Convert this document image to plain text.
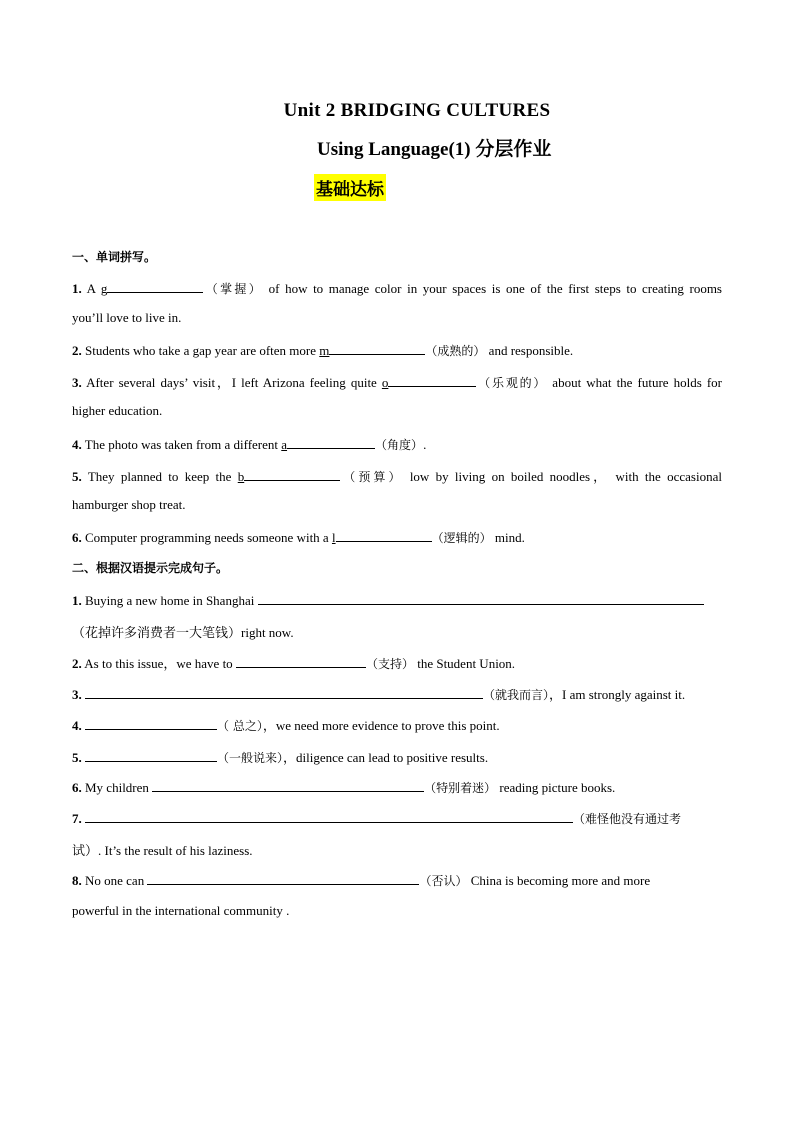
Unit 2 BRIDGING CULTURES
Using Language(1) 分层作业
基础达标
一、单词拼写。
1. A g	（掌握） of how to manage color in your spaces is one of the first steps to creating rooms
you’ll love to live in.
2. Students who take a gap year are often more m	（成熟的） and responsible.
3. After several days’ visit，I left Arizona feeling quite o	（乐观的） about what the future holds for
higher education.
4. The photo was taken from a different a	（角度）.
5. They planned to keep the b	（预算） low by living on boiled noodles， with the occasional
hamburger shop treat.
6. Computer programming needs someone with a l	（逻辑的） mind.
二、根据汉语提示完成句子。
1. Buying a new home in Shanghai
（花掉许多消费者一大笔钱）right now.
2. As to this issue，we have to	（支持） the Student Union.
3.	（就我而言），I am strongly against it.
4.	（ 总之），we need more evidence to prove this point.
5.	（一般说来），diligence can lead to positive results.
6. My children	（特别着迷） reading picture books.
7.	（难怪他没有通过考
试）. It’s the result of his laziness.
8. No one can	（否认） China is becoming more and more
powerful in the international community .
